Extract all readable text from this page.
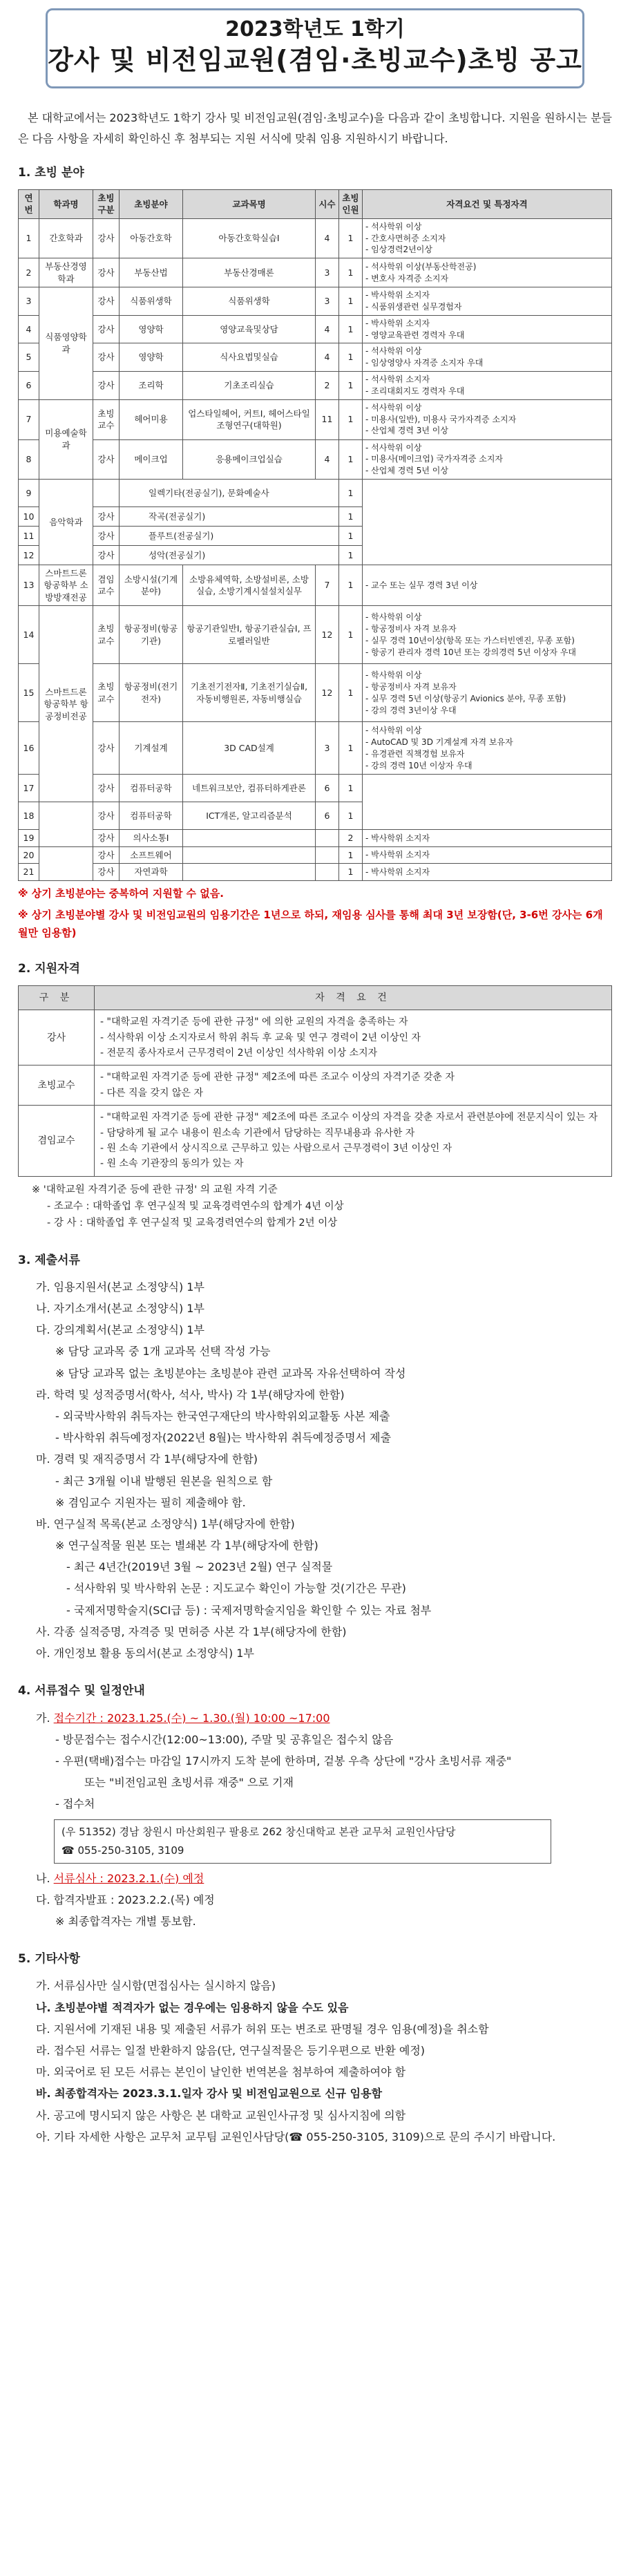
2023학년도 1학기
강사 및 비전임교원(겸임·초빙교수)초빙 공고

본 대학교에서는 2023학년도 1학기 강사 및 비전임교원(겸임·초빙교수)을 다음과 같이 초빙합니다. 지원을 원하시는 분들은 다음 사항을 자세히 확인하신 후 첨부되는 지원 서식에 맞춰 임용 지원하시기 바랍니다.

1. 초빙 분야
연번	학과명	초빙구분	초빙분야	교과목명	시수	초빙인원	자격요건 및 특정자격
1	간호학과	강사	아동간호학	아동간호학실습Ⅰ	4	1	- 석사학위 이상
- 간호사면허증 소지자
- 임상경력2년이상
2	부동산경영학과	강사	부동산법	부동산경매론	3	1	- 석사학위 이상(부동산학전공)
- 변호사 자격증 소지자
3	식품영양학과	강사	식품위생학	식품위생학	3	1	- 박사학위 소지자
- 식품위생관련 실무경험자
4		강사	영양학	영양교육및상담	4	1	- 박사학위 소지자
- 영양교육관련 경력자 우대
5		강사	영양학	식사요법및실습	4	1	- 석사학위 이상
- 임상영양사 자격증 소지자 우대
6		강사	조리학	기초조리실습	2	1	- 석사학위 소지자
- 조리대회지도 경력자 우대
7	미용예술학과	초빙교수	헤어미용	업스타일헤어, 커트Ⅰ, 헤어스타일조형연구(대학원)	11	1	- 석사학위 이상
- 미용사(일반), 미용사 국가자격증 소지자
- 산업체 경력 3년 이상
8		강사	메이크업	응용메이크업실습	4	1	- 석사학위 이상
- 미용사(메이크업) 국가자격증 소지자
- 산업체 경력 5년 이상
9	음악학과		일렉기타(전공실기), 문화예술사			1	
10		강사	작곡(전공실기)			1	
11		강사	플루트(전공실기)			1	
12		강사	성악(전공실기)			1	
13	스마트드론항공학부 소방방재전공	겸임교수	소방시설(기계분야)	소방유체역학, 소방설비론, 소방실습, 소방기계시설설치실무	7	1	- 교수 또는 실무 경력 3년 이상
14	스마트드론항공학부 항공정비전공	초빙교수	항공정비(항공기관)	항공기관일반Ⅰ, 항공기관실습Ⅰ, 프로펠러일반	12	1	- 학사학위 이상
- 항공정비사 자격 보유자
- 실무 경력 10년이상(항목 또는 가스터빈엔진, 무종 포함)
- 항공기 관리자 경력 10년 또는 강의경력 5년 이상자 우대
15		초빙교수	항공정비(전기전자)	기초전기전자Ⅱ, 기초전기실습Ⅱ, 자동비행원론, 자동비행실습	12	1	- 학사학위 이상
- 항공정비사 자격 보유자
- 실무 경력 5년 이상(항공기 Avionics 분야, 무종 포함)
- 강의 경력 3년이상 우대
16		강사	기계설계	3D CAD설계	3	1	- 석사학위 이상
- AutoCAD 및 3D 기계설계 자격 보유자
- 유경관련 직책경험 보유자
- 강의 경력 10년 이상자 우대
17		강사	컴퓨터공학	네트워크보안, 컴퓨터하게관론	6	1	
18		강사	컴퓨터공학	ICT개론, 알고리즘분석	6	1	
19		강사	의사소통Ⅰ			2	- 박사학위 소지자
20		강사	소프트웨어			1	- 박사학위 소지자
21		강사	자연과학			1	- 박사학위 소지자
※ 상기 초빙분야는 중복하여 지원할 수 없음.
※ 상기 초빙분야별 강사 및 비전임교원의 임용기간은 1년으로 하되, 재임용 심사를 통해 최대 3년 보장함(단, 3-6번 강사는 6개월만 임용함)
2. 지원자격
구 분	자 격 요 건
강사	- "대학교원 자격기준 등에 관한 규정" 에 의한 교원의 자격을 충족하는 자
- 석사학위 이상 소지자로서 학위 취득 후 교육 및 연구 경력이 2년 이상인 자
- 전문직 종사자로서 근무경력이 2년 이상인 석사학위 이상 소지자
초빙교수	- "대학교원 자격기준 등에 관한 규정" 제2조에 따른 조교수 이상의 자격기준 갖춘 자
- 다른 직을 갖지 않은 자
겸임교수	- "대학교원 자격기준 등에 관한 규정" 제2조에 따른 조교수 이상의 자격을 갖춘 자로서 관련분야에 전문지식이 있는 자
- 담당하게 될 교수 내용이 원소속 기관에서 담당하는 직무내용과 유사한 자
- 원 소속 기관에서 상시직으로 근무하고 있는 사람으로서 근무경력이 3년 이상인 자
- 원 소속 기관장의 동의가 있는 자
※ '대학교원 자격기준 등에 관한 규정' 의 교원 자격 기준
- 조교수 : 대학졸업 후 연구실적 및 교육경력연수의 합계가 4년 이상
- 강 사 : 대학졸업 후 연구실적 및 교육경력연수의 합계가 2년 이상
3. 제출서류
가. 임용지원서(본교 소정양식) 1부
나. 자기소개서(본교 소정양식) 1부
다. 강의계획서(본교 소정양식) 1부
※ 담당 교과목 중 1개 교과목 선택 작성 가능
※ 담당 교과목 없는 초빙분야는 초빙분야 관련 교과목 자유선택하여 작성
라. 학력 및 성적증명서(학사, 석사, 박사) 각 1부(해당자에 한함)
- 외국박사학위 취득자는 한국연구재단의 박사학위외교활동 사본 제출
- 박사학위 취득예정자(2022년 8월)는 박사학위 취득예정증명서 제출
마. 경력 및 재직증명서 각 1부(해당자에 한함)
- 최근 3개월 이내 발행된 원본을 원칙으로 함
※ 겸임교수 지원자는 필히 제출해야 함.
바. 연구실적 목록(본교 소정양식) 1부(해당자에 한함)
※ 연구실적물 원본 또는 별쇄본 각 1부(해당자에 한함)
- 최근 4년간(2019년 3월 ~ 2023년 2월) 연구 실적물
- 석사학위 및 박사학위 논문 : 지도교수 확인이 가능할 것(기간은 무관)
- 국제저명학술지(SCI급 등) : 국제저명학술지임을 확인할 수 있는 자료 첨부
사. 각종 실적증명, 자격증 및 면허증 사본 각 1부(해당자에 한함)
아. 개인정보 활용 동의서(본교 소정양식) 1부
4. 서류접수 및 일정안내
가. 접수기간 : 2023.1.25.(수) ~ 1.30.(월) 10:00 ~17:00
- 방문접수는 접수시간(12:00~13:00), 주말 및 공휴일은 접수치 않음
- 우편(택배)접수는 마감일 17시까지 도착 분에 한하며, 겉봉 우측 상단에 "강사 초빙서류 재중"
또는 "비전임교원 초빙서류 재중" 으로 기재
- 접수처
(우 51352) 경남 창원시 마산회원구 팔용로 262 창신대학교 본관 교무처 교원인사담당
☎ 055-250-3105, 3109
나. 서류심사 : 2023.2.1.(수) 예정
다. 합격자발표 : 2023.2.2.(목) 예정
※ 최종합격자는 개별 통보함.
5. 기타사항
가. 서류심사만 실시함(면접심사는 실시하지 않음)
나. 초빙분야별 적격자가 없는 경우에는 임용하지 않을 수도 있음
다. 지원서에 기재된 내용 및 제출된 서류가 허위 또는 변조로 판명될 경우 임용(예정)을 취소함
라. 접수된 서류는 일절 반환하지 않음(단, 연구실적물은 등기우편으로 반환 예정)
마. 외국어로 된 모든 서류는 본인이 날인한 번역본을 첨부하여 제출하여야 함
바. 최종합격자는 2023.3.1.일자 강사 및 비전임교원으로 신규 임용함
사. 공고에 명시되지 않은 사항은 본 대학교 교원인사규정 및 심사지침에 의함
아. 기타 자세한 사항은 교무처 교무팀 교원인사담당(☎ 055-250-3105, 3109)으로 문의 주시기 바랍니다.
